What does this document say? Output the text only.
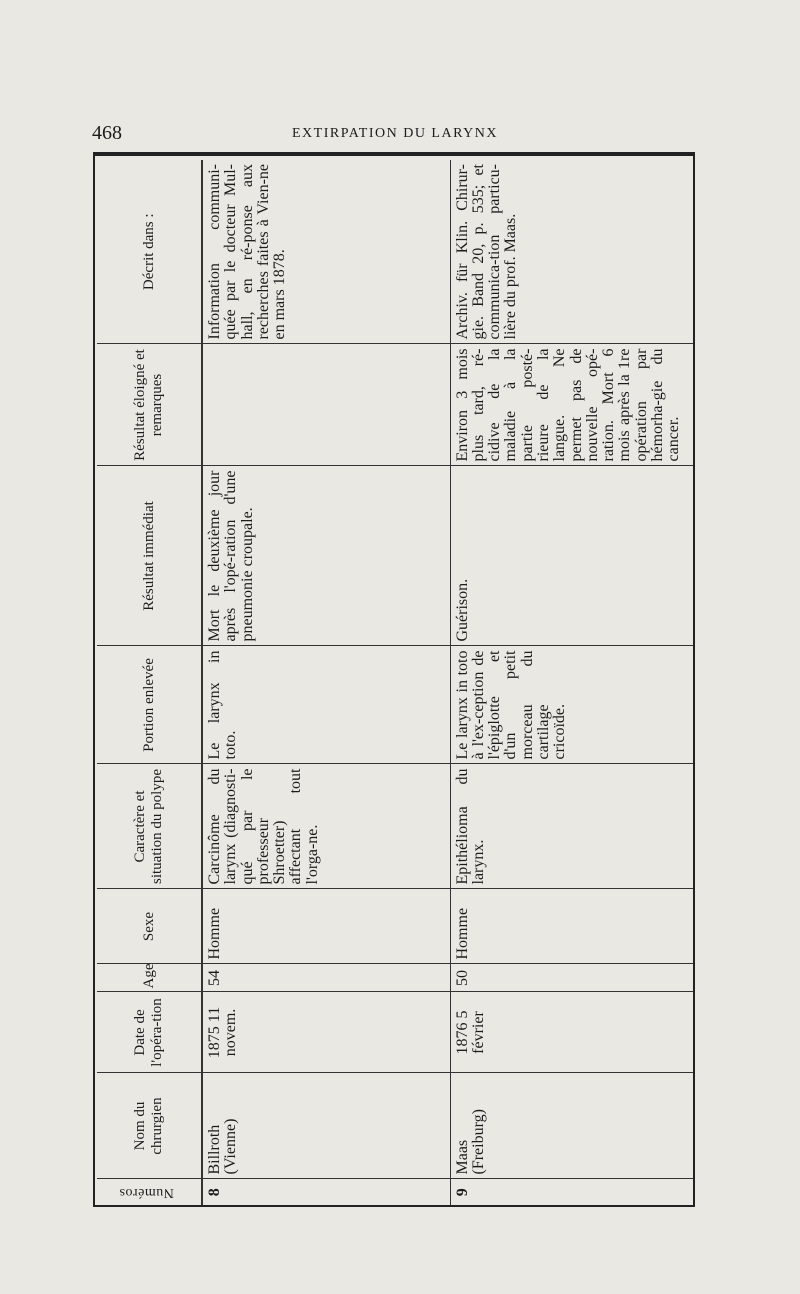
468	EXTIRPATION DU LARYNX
Numéros	Nom du chrurgien	Date de l'opéra-tion	Age	Sexe	Caractère et situation du polype	Portion enlevée	Résultat immédiat	Résultat éloigné et remarques	Décrit dans :
8	Billroth (Vienne)	1875 11 novem.	54	Homme	Carcinôme du larynx (diagnosti-qué par le professeur Shroetter) affectant tout l'orga-ne.	Le larynx in toto.	Mort le deuxième jour après l'opé-ration d'une pneumonie croupale.		Information communi-quée par le docteur Mul-hall, en ré-ponse aux recherches faites à Vien-ne en mars 1878.
9	Maas (Freiburg)	1876 5 février	50	Homme	Epithélioma du larynx.	Le larynx in toto à l'ex-ception de l'épiglotte et d'un petit morceau du cartilage cricoïde.	Guérison.	Environ 3 mois plus tard, ré-cidive de la maladie à la partie posté-rieure de la langue. Ne permet pas de nouvelle opé-ration. Mort 6 mois après la 1re opération par hémorha-gie du cancer.	Archiv. für Klin. Chirur-gie. Band 20, p. 535; et communica-tion particu-lière du prof. Maas.
